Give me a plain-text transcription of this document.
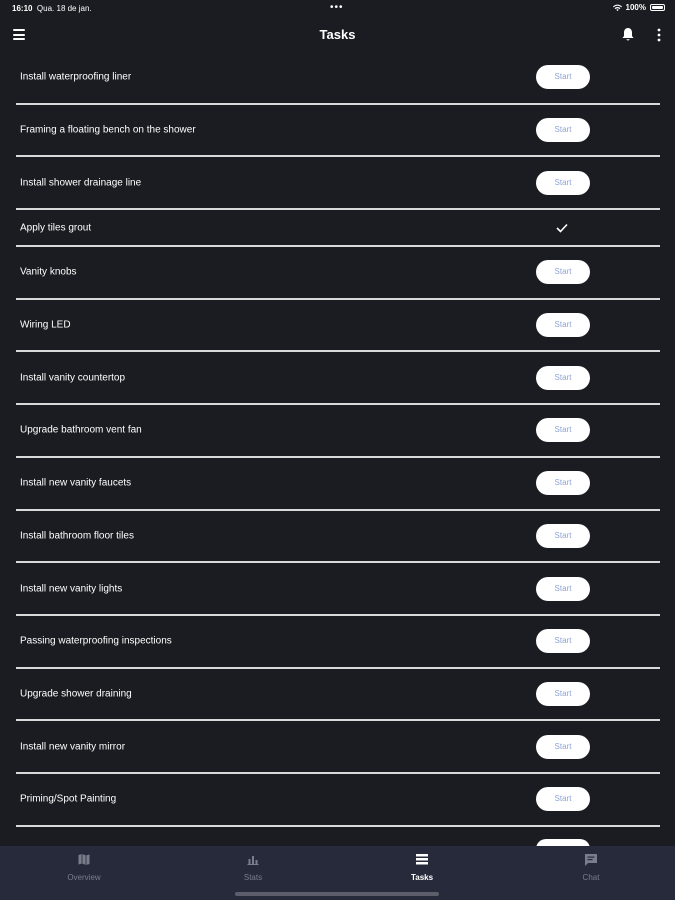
16:10 Qua. 18 de jan.	•••	100%
Tasks
Install waterproofing liner	Start
Framing a floating bench on the shower	Start
Install shower drainage line	Start
Apply tiles grout
Vanity knobs	Start
Wiring LED	Start
Install vanity countertop	Start
Upgrade bathroom vent fan	Start
Install new vanity faucets	Start
Install bathroom floor tiles	Start
Install new vanity lights	Start
Passing waterproofing inspections	Start
Upgrade shower draining	Start
Install new vanity mirror	Start
Priming/Spot Painting	Start
Overview	Stats	Tasks	Chat
